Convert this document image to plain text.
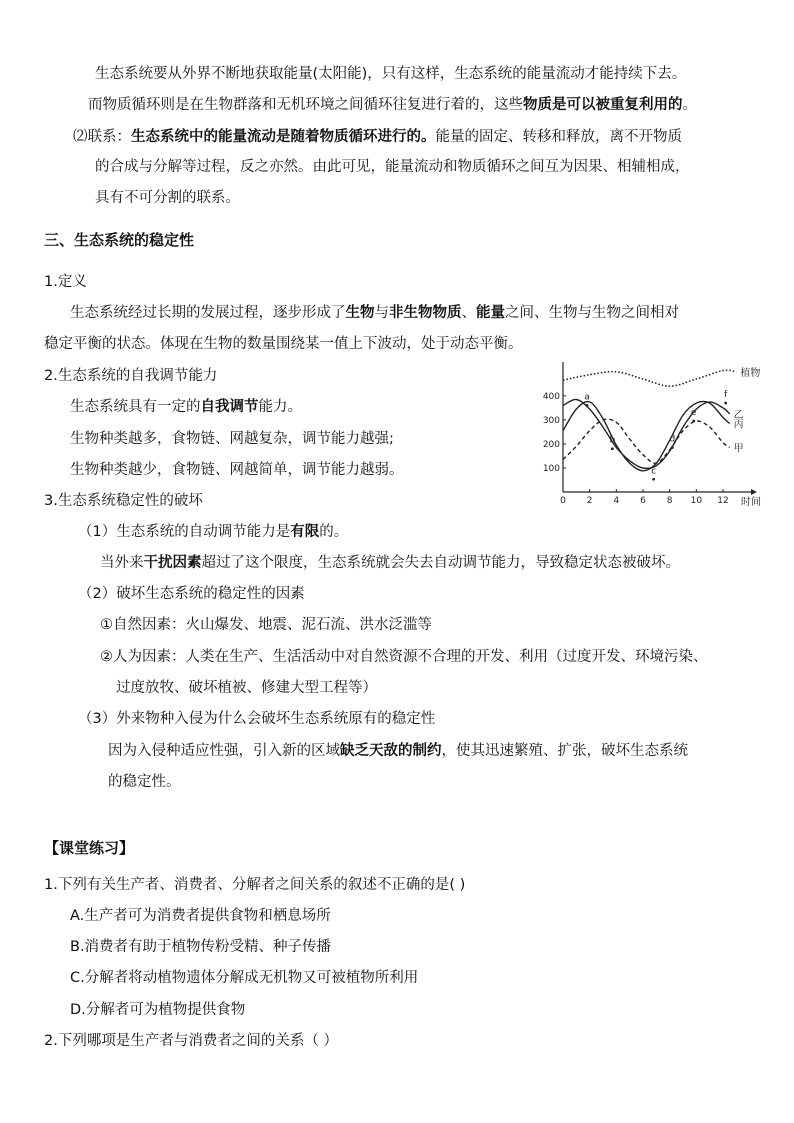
生态系统要从外界不断地获取能量(太阳能)，只有这样，生态系统的能量流动才能持续下去。
而物质循环则是在生物群落和无机环境之间循环往复进行着的，这些物质是可以被重复利用的。
⑵联系：生态系统中的能量流动是随着物质循环进行的。能量的固定、转移和释放，离不开物质
的合成与分解等过程，反之亦然。由此可见，能量流动和物质循环之间互为因果、相辅相成，
具有不可分割的联系。
三、生态系统的稳定性
1.定义
生态系统经过长期的发展过程，逐步形成了生物与非生物物质、能量之间、生物与生物之间相对
稳定平衡的状态。体现在生物的数量围绕某一值上下波动，处于动态平衡。
2.生态系统的自我调节能力
生态系统具有一定的自我调节能力。
生物种类越多，食物链、网越复杂，调节能力越强;
生物种类越少，食物链、网越简单，调节能力越弱。
3.生态系统稳定性的破坏
（1）生态系统的自动调节能力是有限的。
当外来干扰因素超过了这个限度，生态系统就会失去自动调节能力，导致稳定状态被破坏。
（2）破坏生态系统的稳定性的因素
①自然因素：火山爆发、地震、泥石流、洪水泛滥等
②人为因素：人类在生产、生活活动中对自然资源不合理的开发、利用（过度开发、环境污染、
过度放牧、破坏植被、修建大型工程等）
（3）外来物种入侵为什么会破坏生态系统原有的稳定性
因为入侵种适应性强，引入新的区域缺乏天敌的制约，使其迅速繁殖、扩张，破坏生态系统
的稳定性。
【课堂练习】
1.下列有关生产者、消费者、分解者之间关系的叙述不正确的是( )
A.生产者可为消费者提供食物和栖息场所
B.消费者有助于植物传粉受精、种子传播
C.分解者将动植物遗体分解成无机物又可被植物所利用
D.分解者可为植物提供食物
2.下列哪项是生产者与消费者之间的关系（ ）
0 2 4 6 8 10 12
100
200
300
400
时间
植物
丙
乙
甲
a
b
c
d
e
f
